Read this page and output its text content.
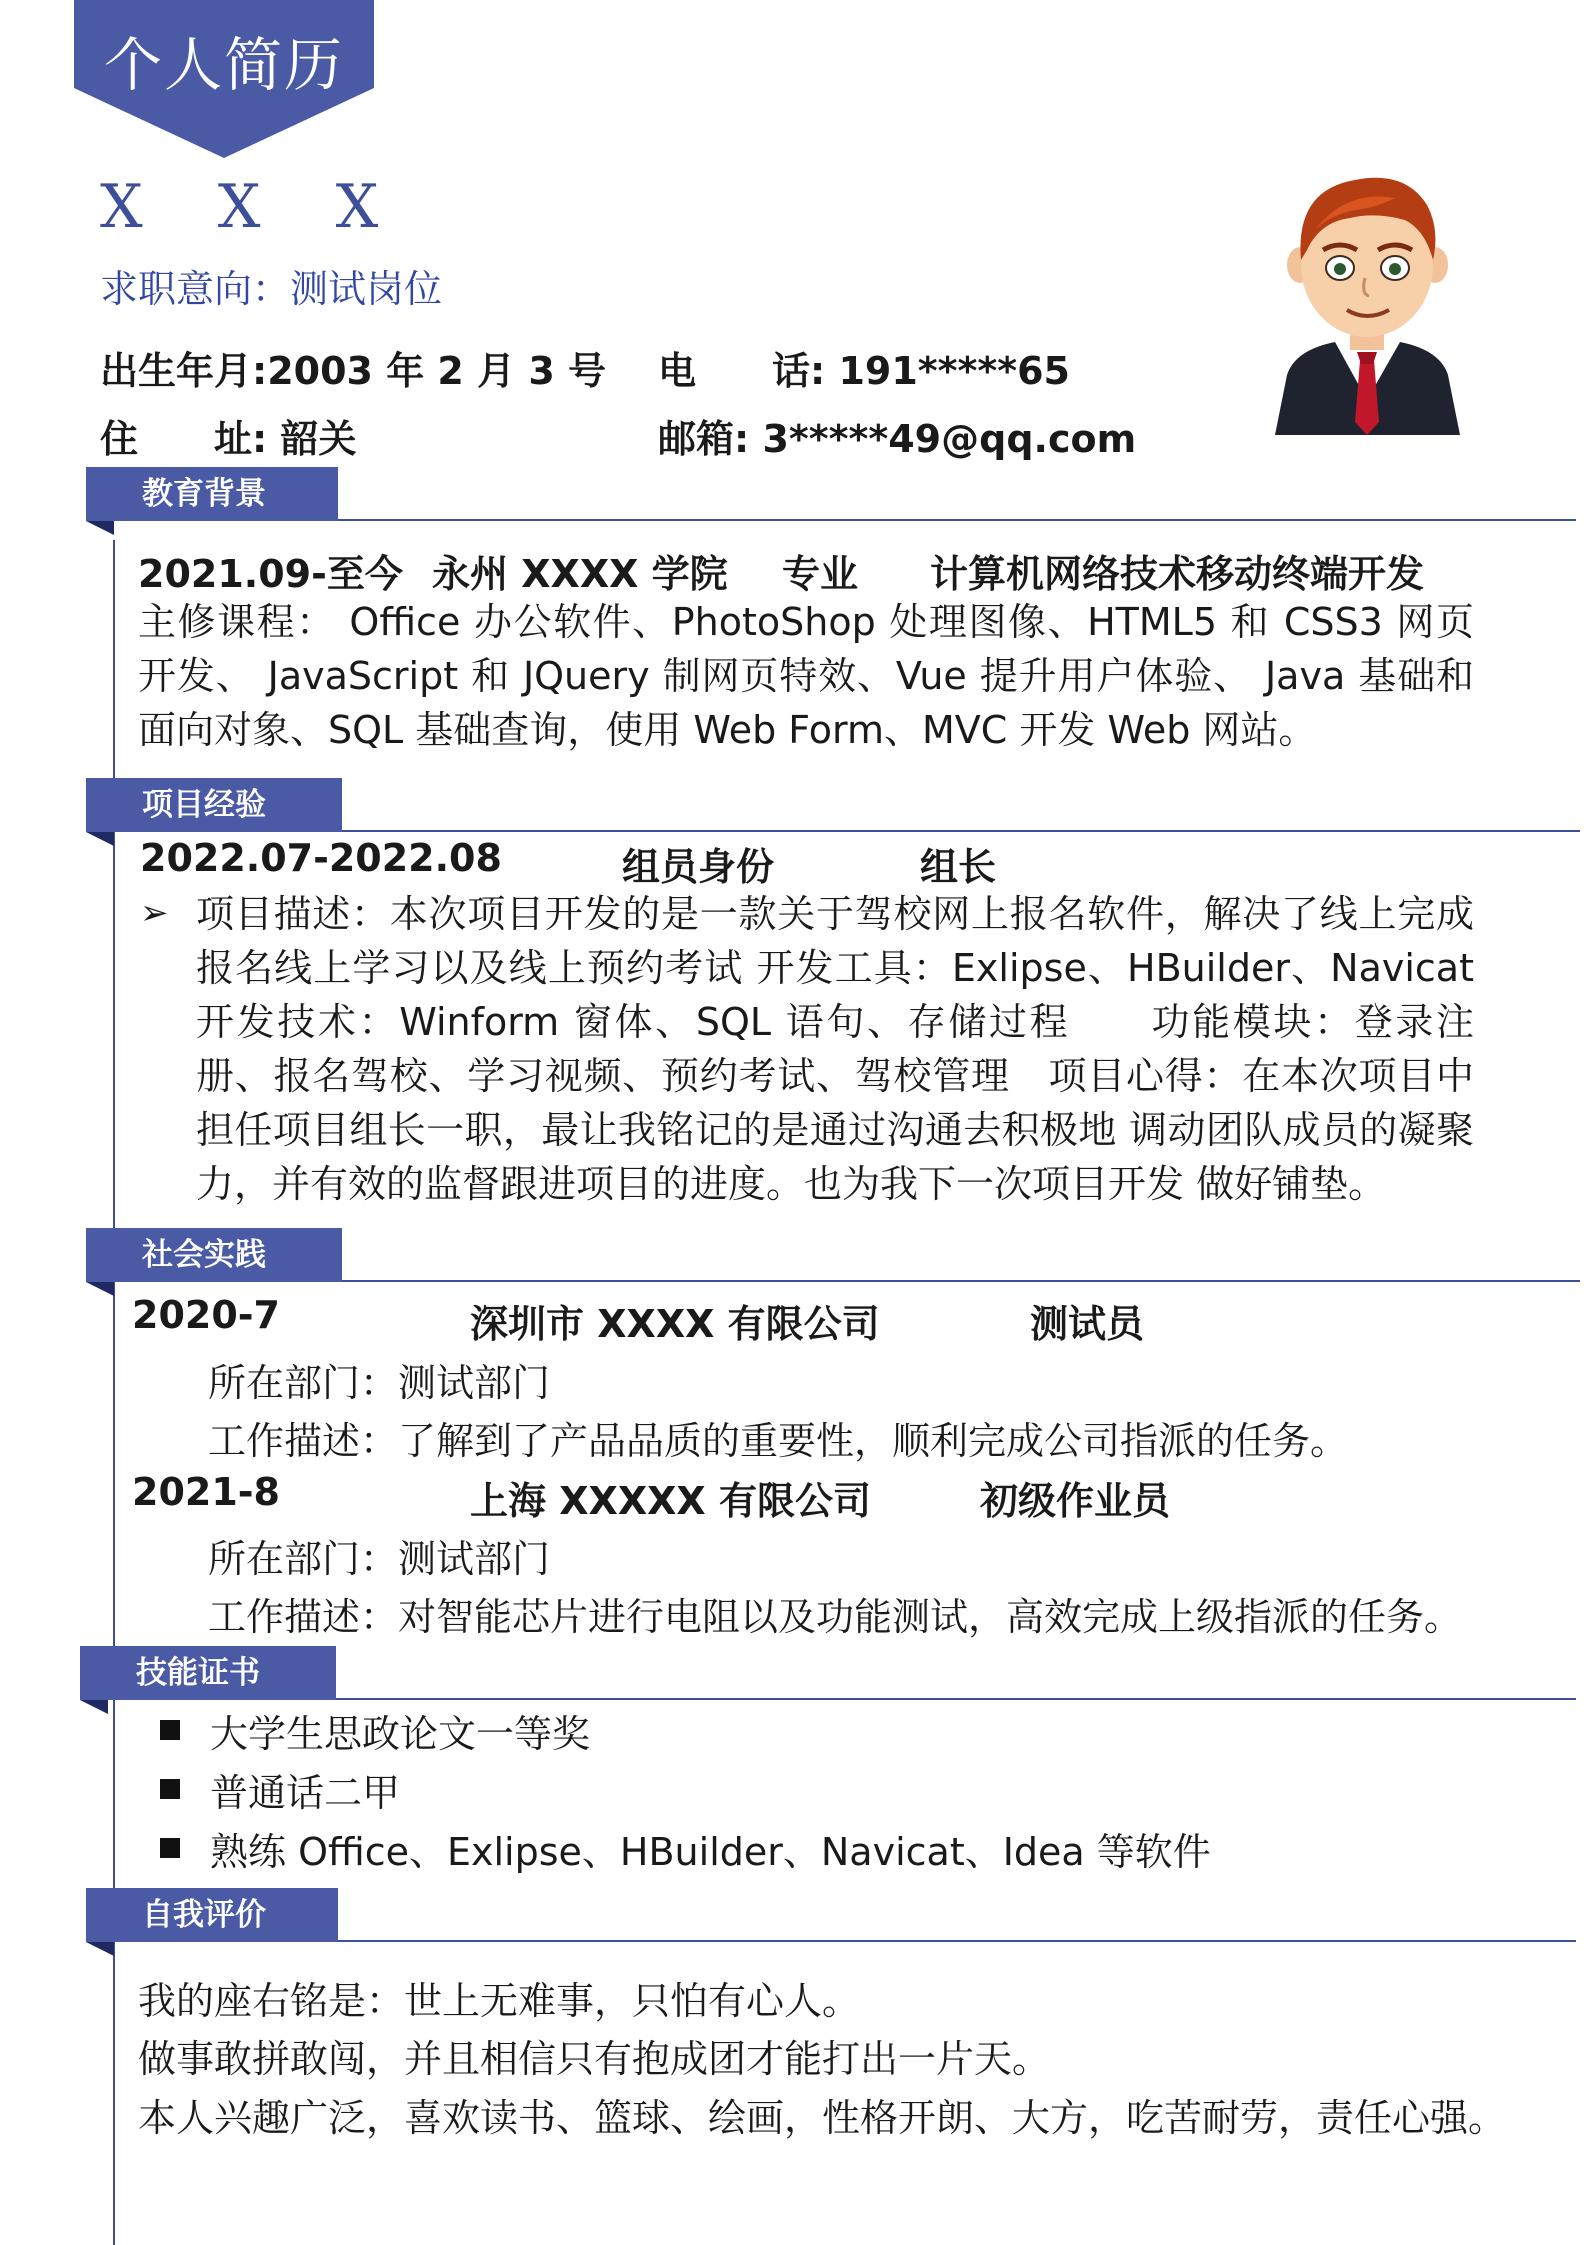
个人简历
X X X
求职意向：测试岗位
出生年月:2003 年 2 月 3 号 电　　话: 191*****65
住　　址: 韶关	邮箱: 3*****49@qq.com
教育背景
2021.09-至今 永州 XXXX 学院 专业 计算机网络技术移动终端开发
主修课程： Office 办公软件、PhotoShop 处理图像、HTML5 和 CSS3 网页开发、 JavaScript 和 JQuery 制网页特效、Vue 提升用户体验、 Java 基础和面向对象、SQL 基础查询，使用 Web Form、MVC 开发 Web 网站。
项目经验
2022.07-2022.08	组员身份	组长
➢ 项目描述：本次项目开发的是一款关于驾校网上报名软件，解决了线上完成报名线上学习以及线上预约考试 开发工具：Exlipse、HBuilder、Navicat　　开发技术：Winform 窗体、SQL 语句、存储过程　　功能模块：登录注册、报名驾校、学习视频、预约考试、驾校管理　项目心得：在本次项目中担任项目组长一职，最让我铭记的是通过沟通去积极地 调动团队成员的凝聚力，并有效的监督跟进项目的进度。也为我下一次项目开发 做好铺垫。
社会实践
2020-7	深圳市 XXXX 有限公司	测试员
所在部门：测试部门
工作描述：了解到了产品品质的重要性，顺利完成公司指派的任务。
2021-8	上海 XXXXX 有限公司	初级作业员
所在部门：测试部门
工作描述：对智能芯片进行电阻以及功能测试，高效完成上级指派的任务。
技能证书
大学生思政论文一等奖
普通话二甲
熟练 Office、Exlipse、HBuilder、Navicat、Idea 等软件
自我评价
我的座右铭是：世上无难事，只怕有心人。
做事敢拼敢闯，并且相信只有抱成团才能打出一片天。
本人兴趣广泛，喜欢读书、篮球、绘画，性格开朗、大方，吃苦耐劳，责任心强。
